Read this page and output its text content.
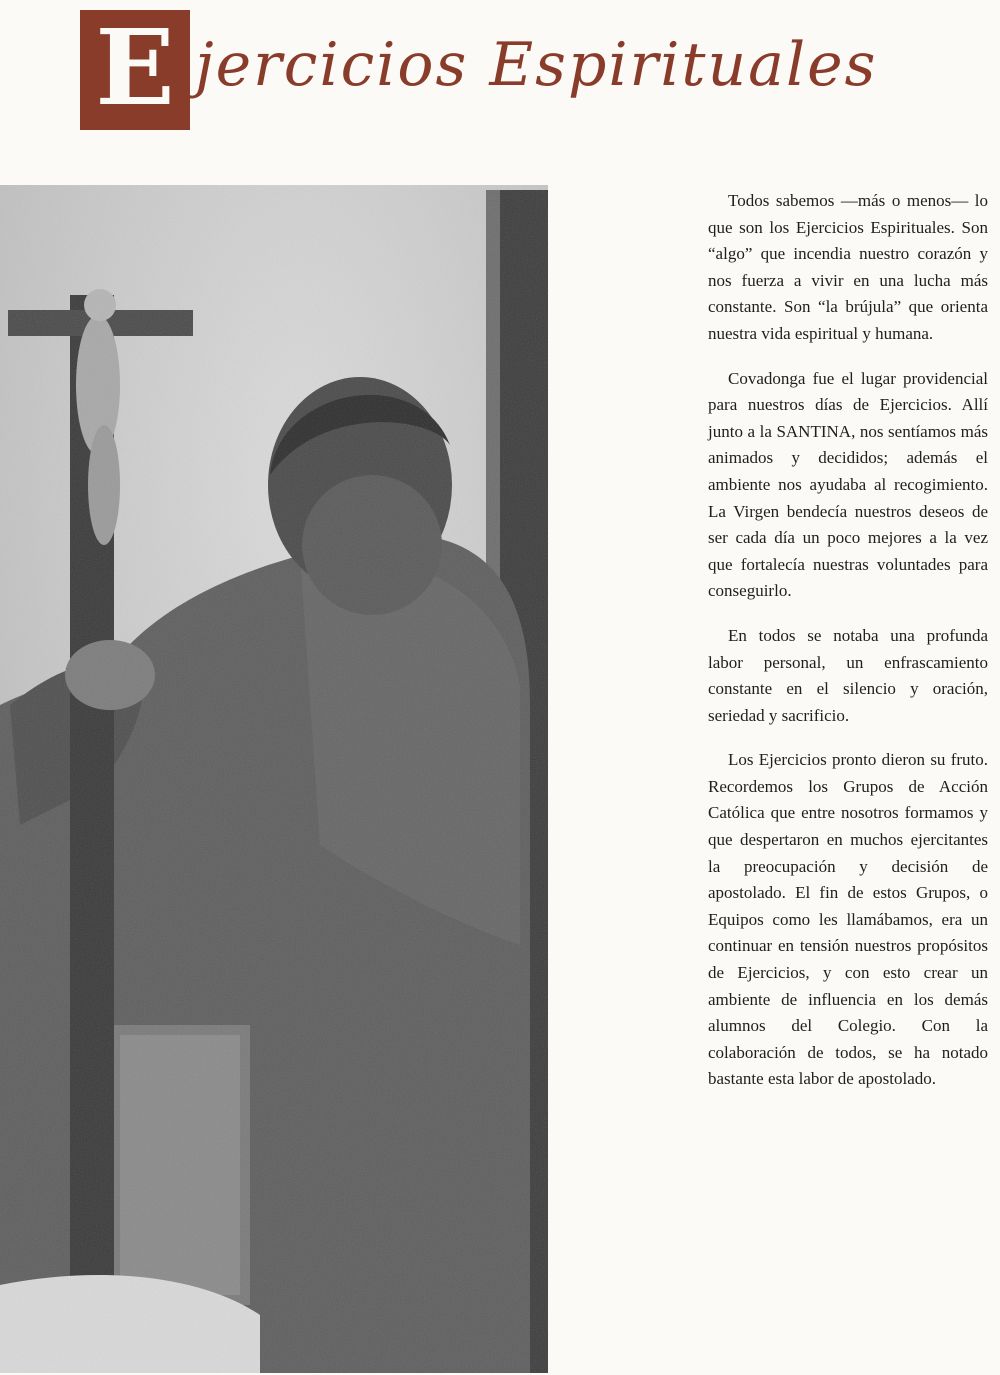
E jercicios Espirituales

Todos sabemos —más o menos— lo que son los Ejercicios Espirituales. Son “algo” que incendia nuestro corazón y nos fuerza a vivir en una lucha más constante. Son “la brújula” que orienta nuestra vida espiritual y humana.

Covadonga fue el lugar providencial para nuestros días de Ejercicios. Allí junto a la SANTINA, nos sentíamos más animados y decididos; además el ambiente nos ayudaba al recogimiento. La Virgen bendecía nuestros deseos de ser cada día un poco mejores a la vez que fortalecía nuestras voluntades para conseguirlo.

En todos se notaba una profunda labor personal, un enfrascamiento constante en el silencio y oración, seriedad y sacrificio.

Los Ejercicios pronto dieron su fruto. Recordemos los Grupos de Acción Católica que entre nosotros formamos y que despertaron en muchos ejercitantes la preocupación y decisión de apostolado. El fin de estos Grupos, o Equipos como les llamábamos, era un continuar en tensión nuestros propósitos de Ejercicios, y con esto crear un ambiente de influencia en los demás alumnos del Colegio. Con la colaboración de todos, se ha notado bastante esta labor de apostolado.
